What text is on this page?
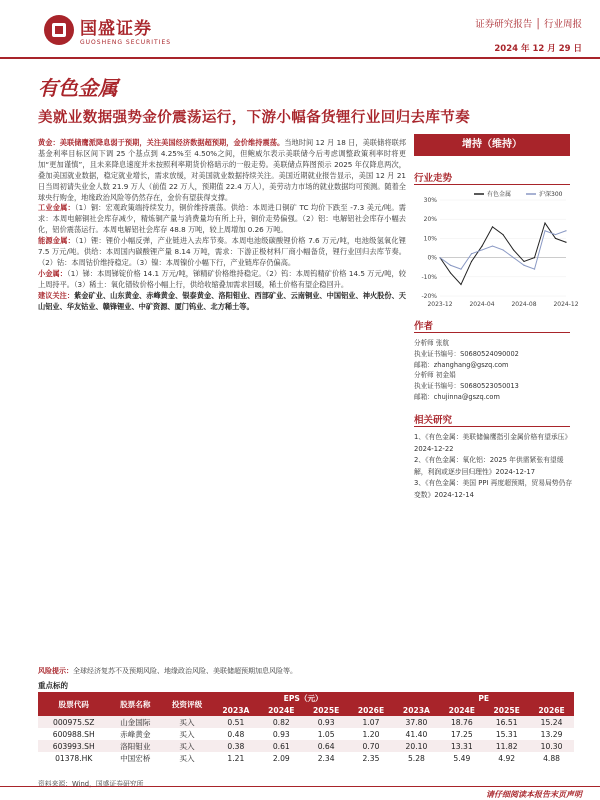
国盛证券
GUOSHENG SECURITIES
证券研究报告 │ 行业周报
2024 年 12 月 29 日
有色金属
美就业数据强势金价震荡运行，下游小幅备货锂行业回归去库节奏

黄金：美联储鹰派降息弱于预期，关注美国经济数据超预期，金价维持震荡。当地时间 12 月 18 日，美联储将联邦基金利率目标区间下调 25 个基点到 4.25%至 4.50%之间，但鲍威尔表示美联储今后考虑调整政策利率时将更加“更加谨慎”，且未来降息速度并未按照利率期货价格暗示的一般走势。美联储点阵图预示 2025 年仅降息两次，叠加美国就业数据，稳定就业增长，需求放缓，对美国就业数据持续关注。美国近期就业报告显示，美国 12 月 21 日当周初请失业金人数 21.9 万人（前值 22 万人，预期值 22.4 万人），美劳动力市场的就业数据均可预测。随着全球央行购金，地缘政治风险等仍然存在，金价有望获得支撑。

工业金属：（1）铜：宏观政策端持续发力，铜价维持震荡。供给：本周进口铜矿 TC 均价下跌至 -7.3 美元/吨。需求：本周电解铜社会库存减少，精炼铜产量与消费量均有所上升，铜价走势偏强。（2）铝：电解铝社会库存小幅去化，铝价震荡运行。本周电解铝社会库存 48.8 万吨，较上周增加 0.26 万吨。

能源金属：（1）锂：锂价小幅反弹，产业链进入去库节奏。本周电池级碳酸锂价格 7.6 万元/吨，电池级氢氧化锂 7.5 万元/吨。供给：本周国内碳酸锂产量 8.14 万吨，需求：下游正极材料厂商小幅备货，锂行业回归去库节奏。（2）钴：本周钴价维持稳定。（3）镍：本周镍价小幅下行，产业链库存仍偏高。

小金属：（1）锑：本周锑锭价格 14.1 万元/吨，锑精矿价格维持稳定。（2）钨：本周钨精矿价格 14.5 万元/吨，较上周持平。（3）稀土：氧化镨钕价格小幅上行，供给收缩叠加需求回暖，稀土价格有望企稳回升。

建议关注：紫金矿业、山东黄金、赤峰黄金、银泰黄金、洛阳钼业、西部矿业、云南铜业、中国铝业、神火股份、天山铝业、华友钴业、赣锋锂业、中矿资源、厦门钨业、北方稀土等。

增持（维持）
行业走势
30%
20%
10%
0%
-10%
-20%
2023-12	2024-04	2024-08	2024-12
有色金属	沪深300
作者
分析师 张航
执业证书编号：S0680524090002
邮箱：zhanghang@gszq.com
分析师 初金娟
执业证书编号：S0680523050013
邮箱：chujinna@gszq.com
相关研究
1、《有色金属：美联储偏鹰指引金属价格有望承压》2024-12-22
2、《有色金属：氧化铝：2025 年供需紧张有望缓解，利润或逐步回归理性》2024-12-17
3、《有色金属：美国 PPI 再度超预期，贸易局势仍存变数》2024-12-14
风险提示：全球经济复苏不及预期风险、地缘政治风险、美联储超预期加息风险等。
重点标的
股票代码	股票名称	投资评级	EPS（元）				PE			
			2023A	2024E	2025E	2026E	2023A	2024E	2025E	2026E
000975.SZ	山金国际	买入	0.51	0.82	0.93	1.07	37.80	18.76	16.51	15.24
600988.SH	赤峰黄金	买入	0.48	0.93	1.05	1.20	41.40	17.25	15.31	13.29
603993.SH	洛阳钼业	买入	0.38	0.61	0.64	0.70	20.10	13.31	11.82	10.30
01378.HK	中国宏桥	买入	1.21	2.09	2.34	2.35	5.28	5.49	4.92	4.88
资料来源：Wind，国盛证券研究所
请仔细阅读本报告末页声明
